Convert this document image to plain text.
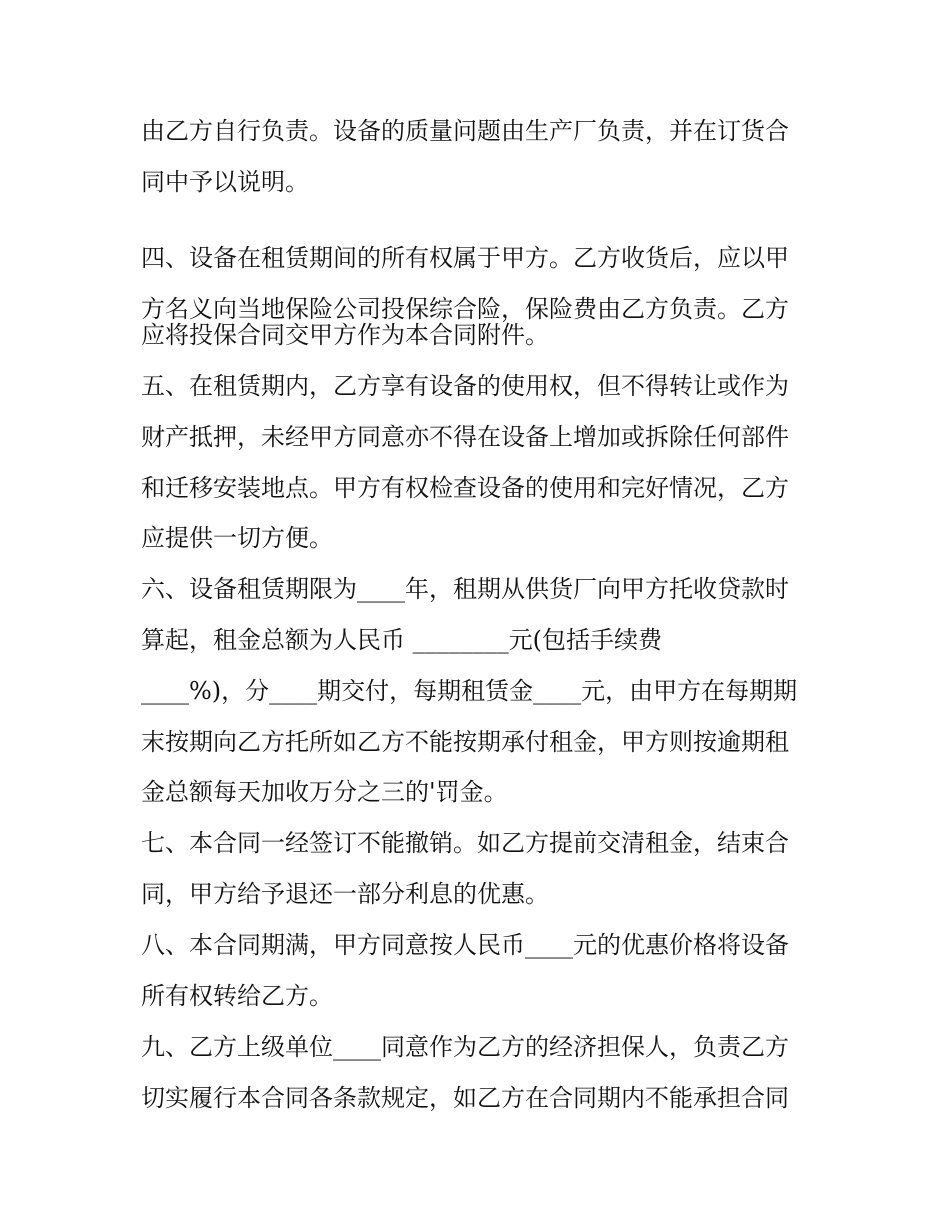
由乙方自行负责。设备的质量问题由生产厂负责，并在订货合
同中予以说明。
四、设备在租赁期间的所有权属于甲方。乙方收货后，应以甲
方名义向当地保险公司投保综合险，保险费由乙方负责。乙方
应将投保合同交甲方作为本合同附件。
五、在租赁期内，乙方享有设备的使用权，但不得转让或作为
财产抵押，未经甲方同意亦不得在设备上增加或拆除任何部件
和迁移安装地点。甲方有权检查设备的使用和完好情况，乙方
应提供一切方便。
六、设备租赁期限为____年，租期从供货厂向甲方托收贷款时
算起，租金总额为人民币 ________元(包括手续费
____%)，分____期交付，每期租赁金____元，由甲方在每期期
末按期向乙方托所如乙方不能按期承付租金，甲方则按逾期租
金总额每天加收万分之三的'罚金。
七、本合同一经签订不能撤销。如乙方提前交清租金，结束合
同，甲方给予退还一部分利息的优惠。
八、本合同期满，甲方同意按人民币____元的优惠价格将设备
所有权转给乙方。
九、乙方上级单位____同意作为乙方的经济担保人，负责乙方
切实履行本合同各条款规定，如乙方在合同期内不能承担合同
